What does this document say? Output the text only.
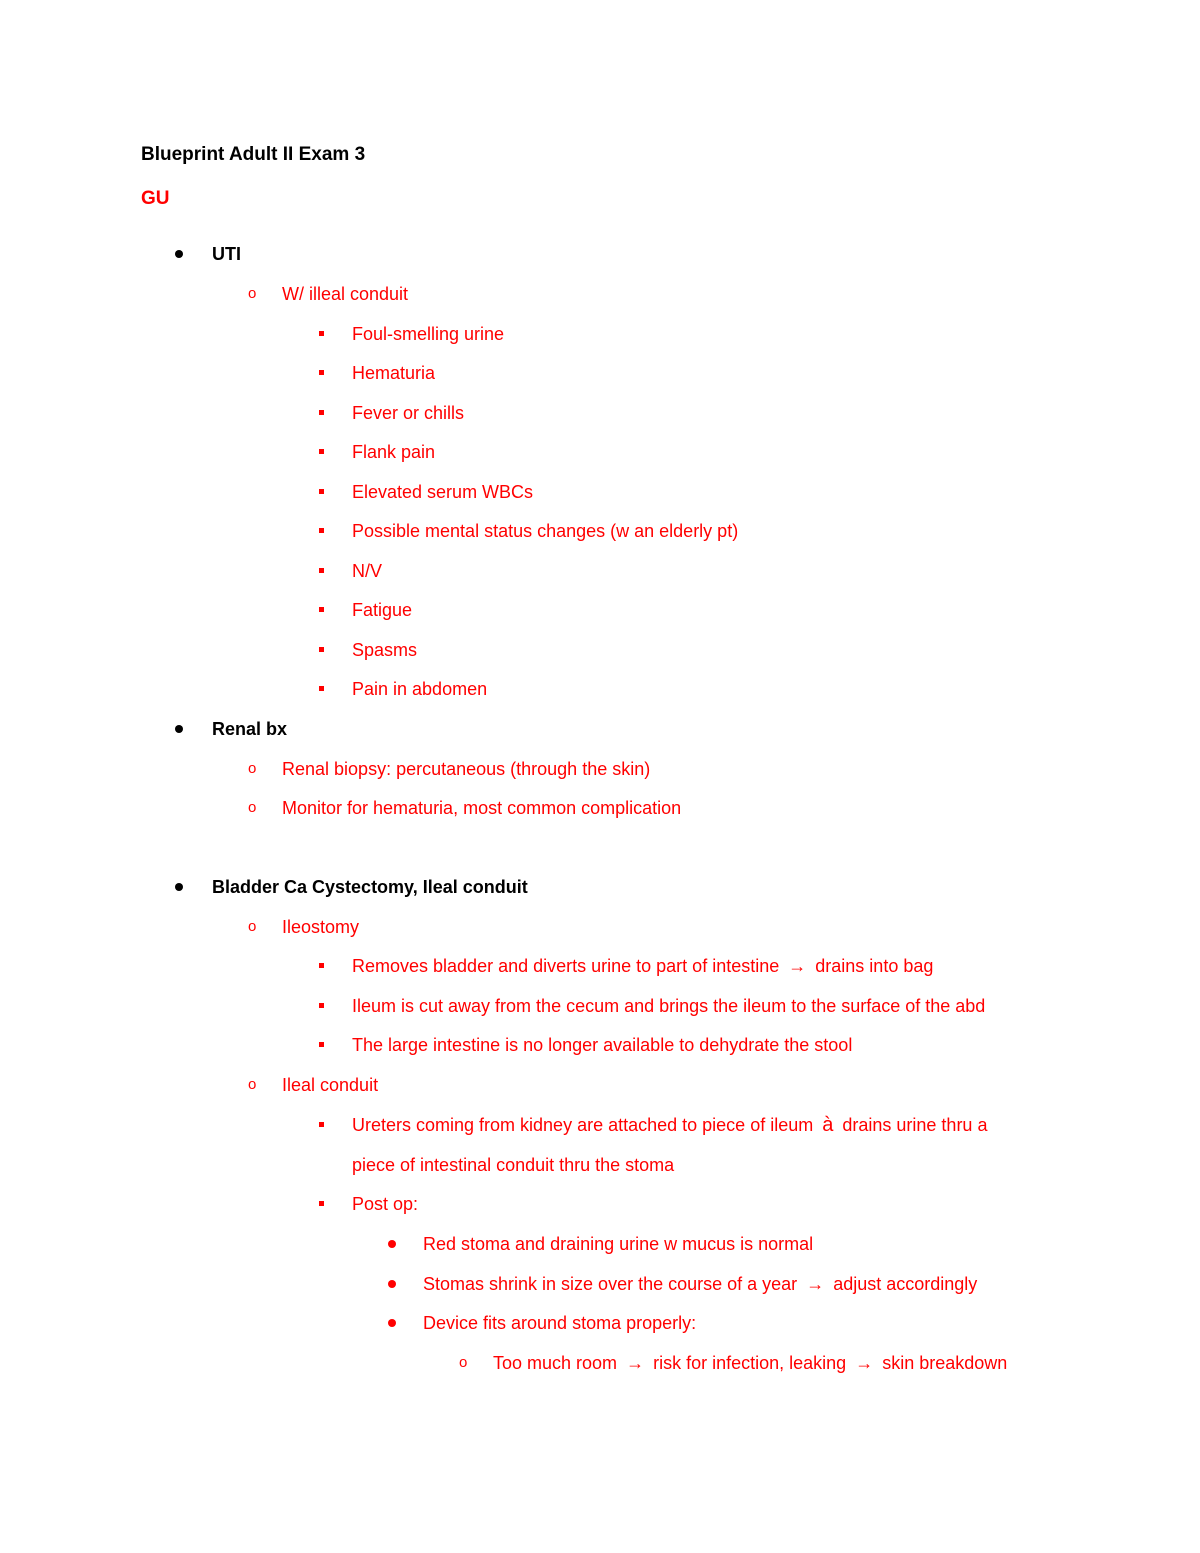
Blueprint Adult II Exam 3
GU
UTI
o W/ illeal conduit
Foul-smelling urine
Hematuria
Fever or chills
Flank pain
Elevated serum WBCs
Possible mental status changes (w an elderly pt)
N/V
Fatigue
Spasms
Pain in abdomen
Renal bx
o Renal biopsy: percutaneous (through the skin)
o Monitor for hematuria, most common complication
Bladder Ca Cystectomy, Ileal conduit
o Ileostomy
Removes bladder and diverts urine to part of intestine → drains into bag
Ileum is cut away from the cecum and brings the ileum to the surface of the abd
The large intestine is no longer available to dehydrate the stool
o Ileal conduit
Ureters coming from kidney are attached to piece of ileum à drains urine thru a
piece of intestinal conduit thru the stoma
Post op:
Red stoma and draining urine w mucus is normal
Stomas shrink in size over the course of a year → adjust accordingly
Device fits around stoma properly:
o Too much room → risk for infection, leaking → skin breakdown
